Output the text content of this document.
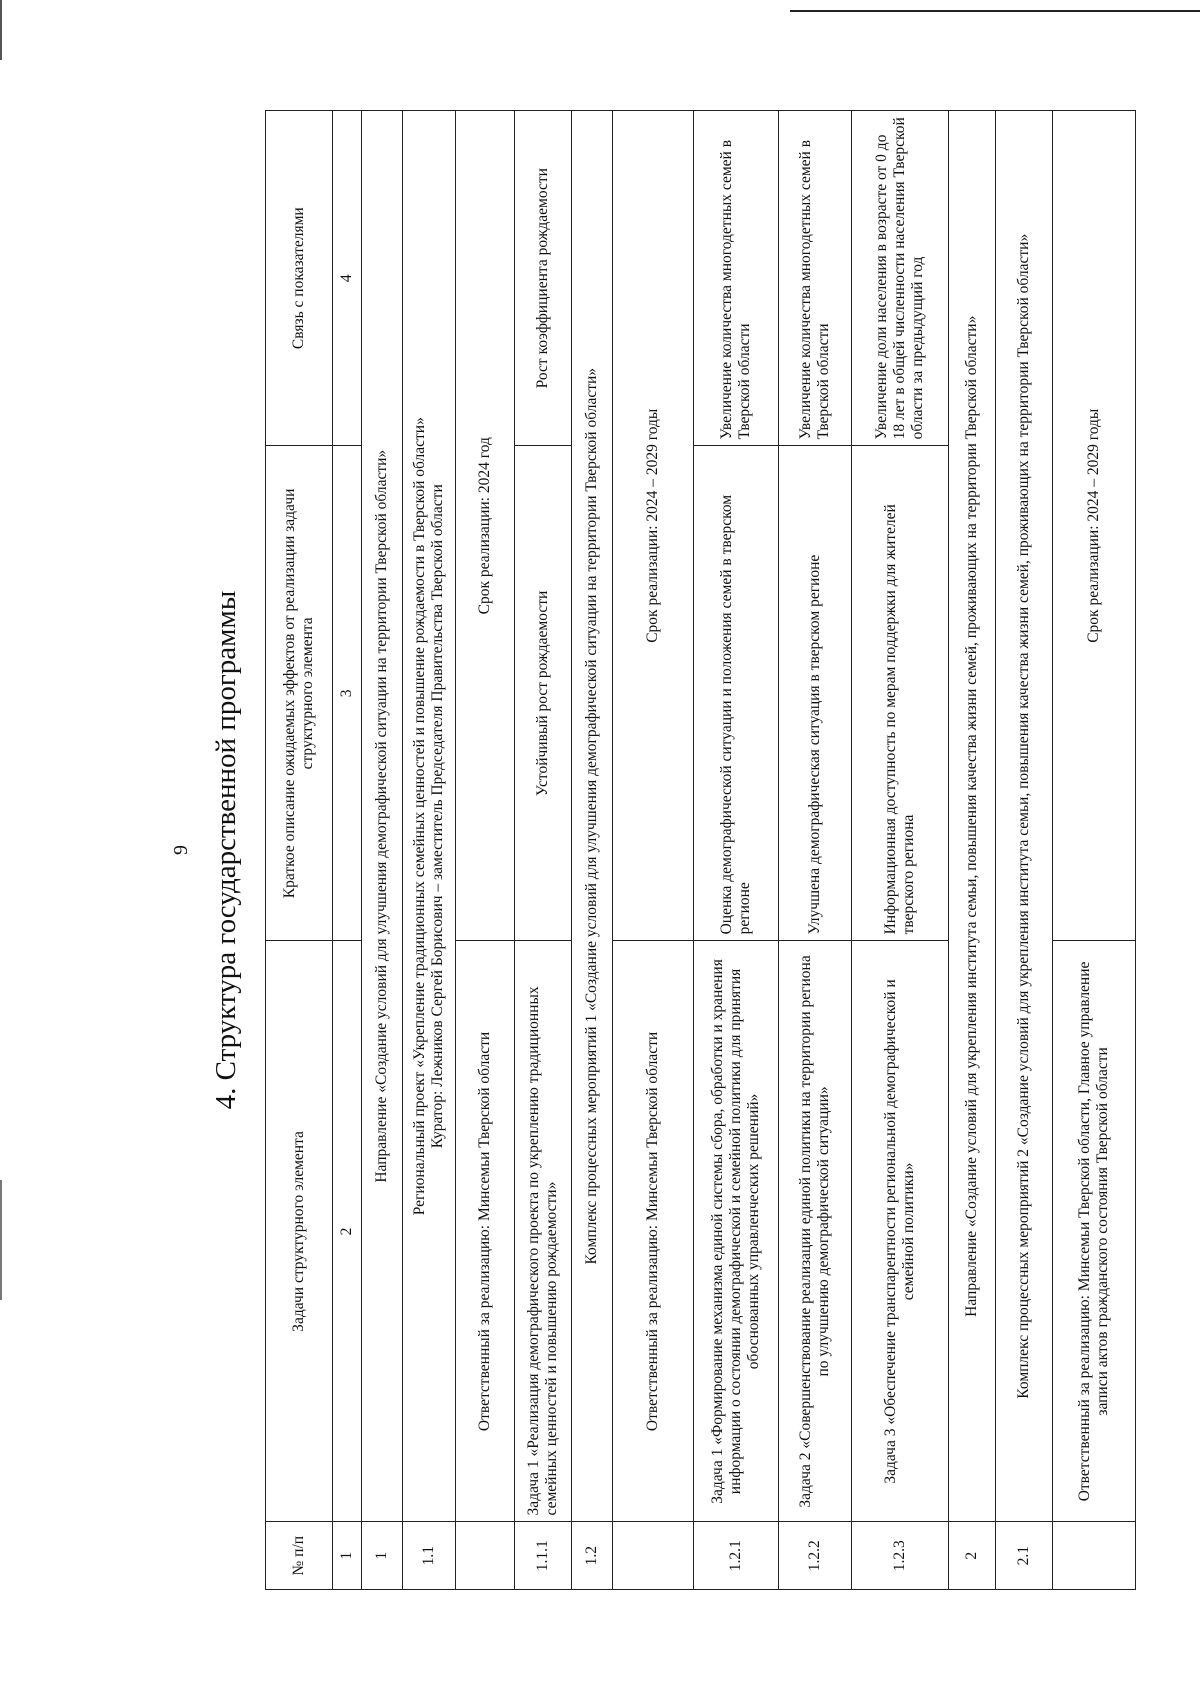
9 4. Структура государственной программы
№ п/п	Задачи структурного элемента	Краткое описание ожидаемых эффектов от реализации задачи структурного элемента	Связь с показателями
1	2	3	4
1	Направление «Создание условий для улучшения демографической ситуации на территории Тверской области»		
1.1	Региональный проект «Укрепление традиционных семейных ценностей и повышение рождаемости в Тверской области» Куратор: Лежников Сергей Борисович – заместитель Председателя Правительства Тверской области		

	Ответственный за реализацию: Минсемьи Тверской области	Срок реализации: 2024 год	
1.1.1	Задача 1 «Реализация демографического проекта по укреплению традиционных семейных ценностей и повышению рождаемости»	Устойчивый рост рождаемости	Рост коэффициента рождаемости
1.2	Комплекс процессных мероприятий 1 «Создание условий для улучшения демографической ситуации на территории Тверской области»		
	Ответственный за реализацию: Минсемьи Тверской области	Срок реализации: 2024 – 2029 годы	
1.2.1	Задача 1 «Формирование механизма единой системы сбора, обработки и хранения информации о состоянии демографической и семейной политики для принятия обоснованных управленческих решений»	Оценка демографической ситуации и положения семей в тверском регионе	Увеличение количества многодетных семей в Тверской области
1.2.2	Задача 2 «Совершенствование реализации единой политики на территории региона по улучшению демографической ситуации»	Улучшена демографическая ситуация в тверском регионе	Увеличение количества многодетных семей в Тверской области
1.2.3	Задача 3 «Обеспечение транспарентности региональной демографической и семейной политики»	Информационная доступность по мерам поддержки для жителей тверского региона	Увеличение доли населения в возрасте от 0 до 18 лет в общей численности населения Тверской области за предыдущий год
2	Направление «Создание условий для укрепления института семьи, повышения качества жизни семей, проживающих на территории Тверской области»		
2.1	Комплекс процессных мероприятий 2 «Создание условий для укрепления института семьи, повышения качества жизни семей, проживающих на территории Тверской области»		
	Ответственный за реализацию: Минсемьи Тверской области, Главное управление записи актов гражданского состояния Тверской области	Срок реализации: 2024 – 2029 годы	
